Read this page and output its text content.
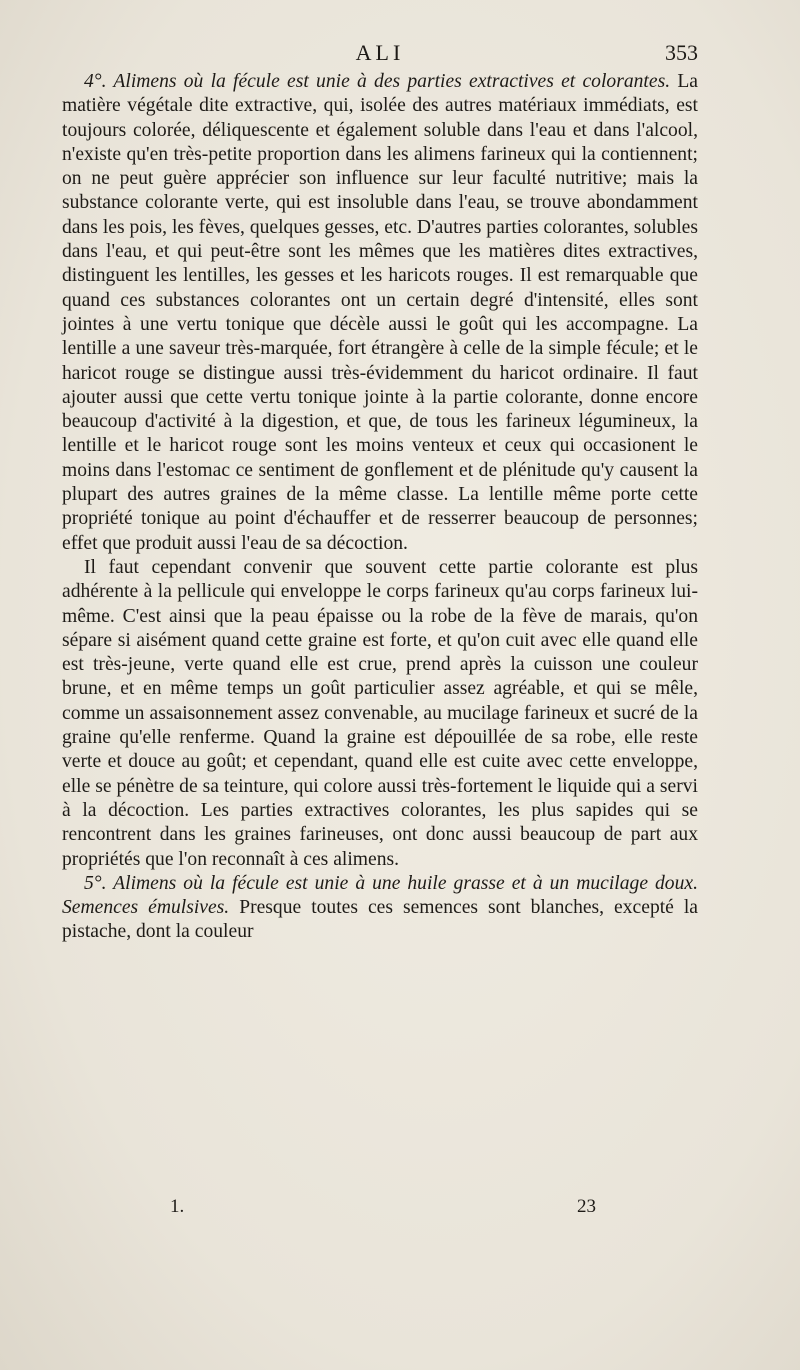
ALI	353

4°. Alimens où la fécule est unie à des parties extractives et colorantes. La matière végétale dite extractive, qui, isolée des autres matériaux immédiats, est toujours colorée, déliquescente et également soluble dans l'eau et dans l'alcool, n'existe qu'en très-petite proportion dans les alimens farineux qui la contiennent; on ne peut guère apprécier son influence sur leur faculté nutritive; mais la substance colorante verte, qui est insoluble dans l'eau, se trouve abondamment dans les pois, les fèves, quelques gesses, etc. D'autres parties colorantes, solubles dans l'eau, et qui peut-être sont les mêmes que les matières dites extractives, distinguent les lentilles, les gesses et les haricots rouges. Il est remarquable que quand ces substances colorantes ont un certain degré d'intensité, elles sont jointes à une vertu tonique que décèle aussi le goût qui les accompagne. La lentille a une saveur très-marquée, fort étrangère à celle de la simple fécule; et le haricot rouge se distingue aussi très-évidemment du haricot ordinaire. Il faut ajouter aussi que cette vertu tonique jointe à la partie colorante, donne encore beaucoup d'activité à la digestion, et que, de tous les farineux légumineux, la lentille et le haricot rouge sont les moins venteux et ceux qui occasionent le moins dans l'estomac ce sentiment de gonflement et de plénitude qu'y causent la plupart des autres graines de la même classe. La lentille même porte cette propriété tonique au point d'échauffer et de resserrer beaucoup de personnes; effet que produit aussi l'eau de sa décoction.

Il faut cependant convenir que souvent cette partie colorante est plus adhérente à la pellicule qui enveloppe le corps farineux qu'au corps farineux lui-même. C'est ainsi que la peau épaisse ou la robe de la fève de marais, qu'on sépare si aisément quand cette graine est forte, et qu'on cuit avec elle quand elle est très-jeune, verte quand elle est crue, prend après la cuisson une couleur brune, et en même temps un goût particulier assez agréable, et qui se mêle, comme un assaisonnement assez convenable, au mucilage farineux et sucré de la graine qu'elle renferme. Quand la graine est dépouillée de sa robe, elle reste verte et douce au goût; et cependant, quand elle est cuite avec cette enveloppe, elle se pénètre de sa teinture, qui colore aussi très-fortement le liquide qui a servi à la décoction. Les parties extractives colorantes, les plus sapides qui se rencontrent dans les graines farineuses, ont donc aussi beaucoup de part aux propriétés que l'on reconnaît à ces alimens.

5°. Alimens où la fécule est unie à une huile grasse et à un mucilage doux. Semences émulsives. Presque toutes ces semences sont blanches, excepté la pistache, dont la couleur

1.	23
